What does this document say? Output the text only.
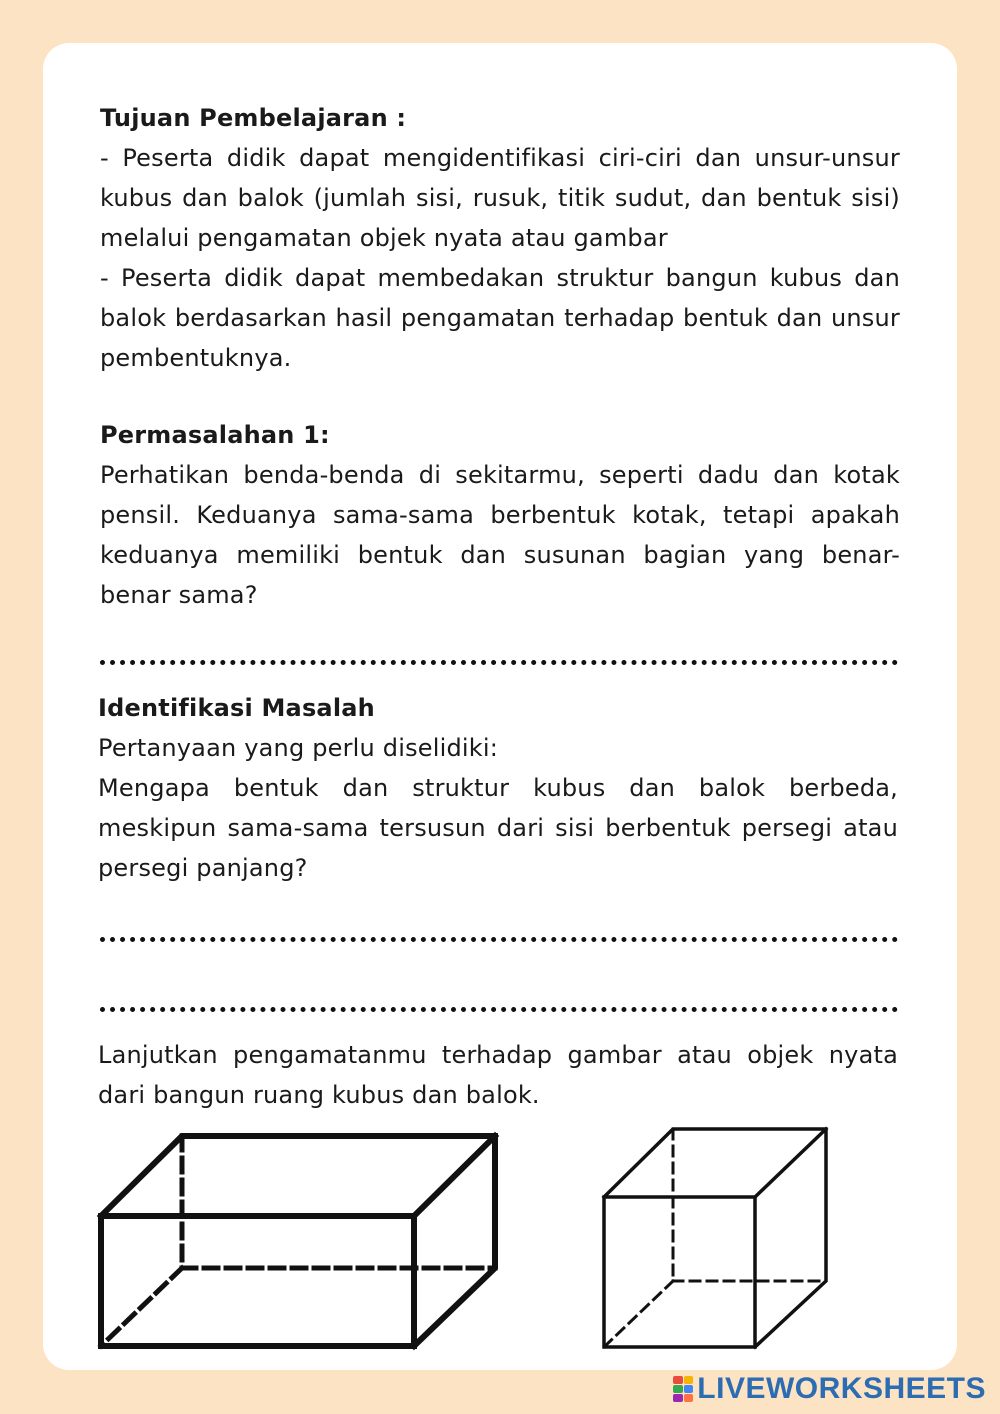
Tujuan Pembelajaran :

- Peserta didik dapat mengidentifikasi ciri-ciri dan unsur-unsur kubus dan balok (jumlah sisi, rusuk, titik sudut, dan bentuk sisi) melalui pengamatan objek nyata atau gambar

- Peserta didik dapat membedakan struktur bangun kubus dan balok berdasarkan hasil pengamatan terhadap bentuk dan unsur pembentuknya.

Permasalahan 1:

Perhatikan benda-benda di sekitarmu, seperti dadu dan kotak pensil. Keduanya sama-sama berbentuk kotak, tetapi apakah keduanya memiliki bentuk dan susunan bagian yang benar-benar sama?

Identifikasi Masalah

Pertanyaan yang perlu diselidiki:

Mengapa bentuk dan struktur kubus dan balok berbeda, meskipun sama-sama tersusun dari sisi berbentuk persegi atau persegi panjang?

Lanjutkan pengamatanmu terhadap gambar atau objek nyata dari bangun ruang kubus dan balok.

LIVEWORKSHEETS
